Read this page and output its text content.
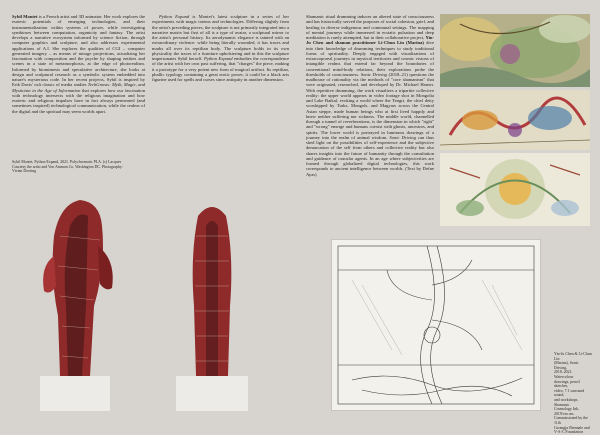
Sybil Montet is a French artist and 3D animator. Her work explores the esoteric potentials of emerging technologies, and their instrumentalization within systems of power, while investigating symbioses between computation, organicity and fantasy. The artist develops a narrative ecosystem informed by science fiction, through computer graphics and sculpture, and also addresses experimental applications of A.I. She explores the qualities of CGI – computer generated imagery – as means of mirage projections, actualizing her fascination with composition and the psyche by shaping entities and scenes in a state of metamorphosis, at the edge of photorealism. Informed by biomimesis and speculative architecture, she looks at design and sculptural research as a symbolic system embedded into nature's mysterious code. In her recent projects, Sybil is inspired by Erik Davis' cult classic of media studies TechGnosis: Myth, Magic, and Mysticism in the Age of Information that explores how our fascination with technology intersects with the religious imagination and how esoteric and religious impulses have in fact always permeated (and sometimes inspired) technological communication, while the realms of the digital and the spiritual may seem worlds apart.

Sybil Montet, Python Expand, 2021. Polychromatic PLA. (c) Lacques
Courtesy the artist and Von Ammon Co, Washington DC. Photography:
Vivian Doering

Python Expand is Montet's latest sculpture in a series of her experiments with magic totems and technologies. Differing slightly from the artist's preceding pieces, the sculpture is not primarily integrated into a narrative matrix but first of all is a type of avatar, a sculptural mirror to the artist's personal history. Its aerodynamic elegance is tainted with an extraordinary violence: while being literally wounded, it has traces and marks all over its reptilian body. The sculpture holds in its own physicality the traces of a furniture upholstering and in this the sculpture impersonates Sybil herself. Python Expand embodies the correspondence of the artist with her own past suffering, that "charges" the piece, making it a prototype for a very potent new form of magical artifact. Its reptilian, phallic typology containing a great erotic power, it could be a black arts figurine used for spells and curses since antiquity in another dimension.

Shamanic ritual drumming induces an altered state of consciousness and has historically served the purposes of social cohesion, grief, and healing in diverse indigenous and communal settings. The mapping of mental journeys while immersed in ecstatic pulsation and deep meditation is rarely attempted, but in their collaborative project, Yin-Ju Chen and shaman practitioner Li-Chun Lin (Marina) dive into their knowledge of drumming techniques to study traditional forms of spirituality. Deeply engaged with visualizations of extracorporeal journeys in mystical territories and cosmic visions of intangible realms that extend far beyond the boundaries of conventional mind-body relations, their explorations probe the thresholds of consciousness. Sonic Driving (2018–21) questions the madhouse of rationality via the methods of "core shamanism" that were originated, researched, and developed by Dr. Michael Harner. With repetitive drumming, the work visualizes a tripartite collective reality: the upper world appears in video footage shot in Mongolia and Lake Baikal, evoking a world where the Tengri, the chief deity worshipped by Turks, Mongols, and Magyars across the Central Asian steppe, made human beings who at first lived happily and knew neither suffering nor sickness. The middle world, channelled through a tunnel of reverberations, is the dimension in which "right" and "wrong" emerge and humans coexist with ghosts, ancestors, and spirits. The lower world is portrayed in luminous drawings of a journey into the realm of animal wisdom. Sonic Driving can thus shed light on the possibilities of self-experience and the subjective demarcation of the self from others and collective reality but also shares insights into the future of humanity through the consultation and guidance of oracular agents. In an age where subjectivities are formed through globalized digital technologies, this work corresponds to ancient intelligence between worlds. (Text by Defne Ayas)

Yin-Ju Chen & Li-Chun Lin
(Marina), Sonic Driving,
2018–2021. Watercolour
drawings, pencil sketches,
video, 7.1 surround sound,
and workshops. Shamanic
Cosmology Ink, 2019/cm cm.
Commissioned by the 11th
Gwangju Biennale and
V-A-C Foundation
